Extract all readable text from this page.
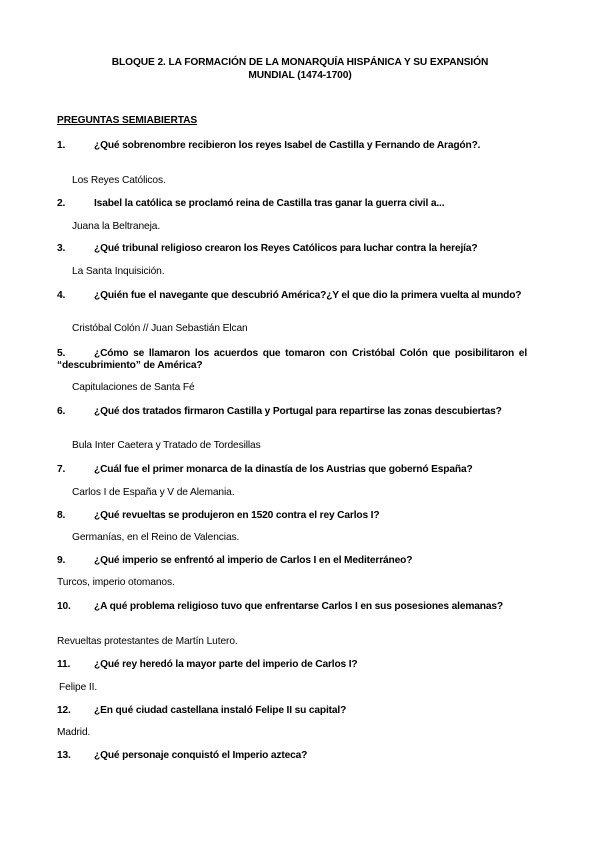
BLOQUE 2. LA FORMACIÓN DE LA MONARQUÍA HISPÁNICA Y SU EXPANSIÓN
MUNDIAL (1474-1700)
PREGUNTAS SEMIABIERTAS
1.	¿Qué sobrenombre recibieron los reyes Isabel de Castilla y Fernando de Aragón?.
Los Reyes Católicos.
2.	Isabel la católica se proclamó reina de Castilla tras ganar la guerra civil a...
Juana la Beltraneja.
3.	¿Qué tribunal religioso crearon los Reyes Católicos para luchar contra la herejía?
La Santa Inquisición.
4.	¿Quién fue el navegante que descubrió América?¿Y el que dio la primera vuelta al mundo?
Cristóbal Colón // Juan Sebastián Elcan
5.	¿Cómo se llamaron los acuerdos que tomaron con Cristóbal Colón que posibilitaron el “descubrimiento” de América?
Capitulaciones de Santa Fé
6.	¿Qué dos tratados firmaron Castilla y Portugal para repartirse las zonas descubiertas?
Bula Inter Caetera y Tratado de Tordesillas
7.	¿Cuál fue el primer monarca de la dinastía de los Austrias que gobernó España?
Carlos I de España y V de Alemania.
8.	¿Qué revueltas se produjeron en 1520 contra el rey Carlos I?
Germanías, en el Reino de Valencias.
9.	¿Qué imperio se enfrentó al imperio de Carlos I en el Mediterráneo?
Turcos, imperio otomanos.
10. ¿A qué problema religioso tuvo que enfrentarse Carlos I en sus posesiones alemanas?
Revueltas protestantes de Martín Lutero.
11. ¿Qué rey heredó la mayor parte del imperio de Carlos I?
Felipe II.
12. ¿En qué ciudad castellana instaló Felipe II su capital?
Madrid.
13. ¿Qué personaje conquistó el Imperio azteca?
